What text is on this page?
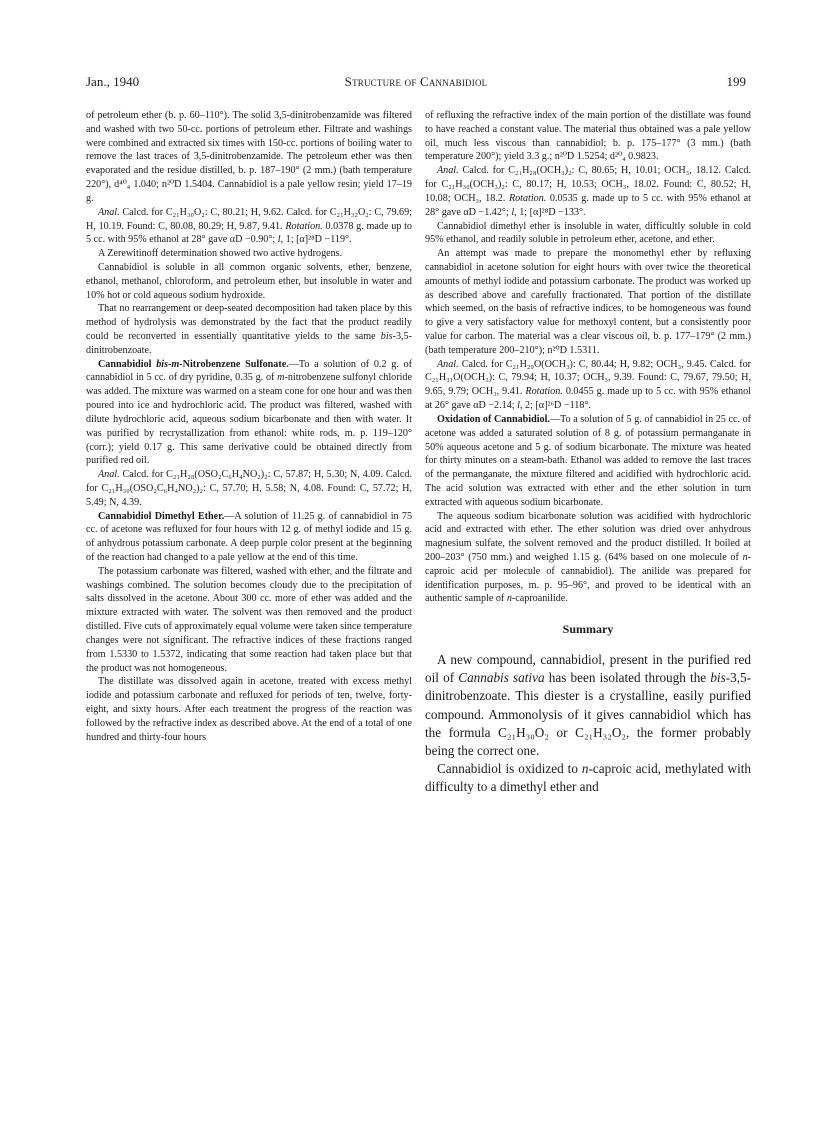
Jan., 1940	Structure of Cannabidiol	199

of petroleum ether (b. p. 60–110°). The solid 3,5-dinitrobenzamide was filtered and washed with two 50-cc. portions of petroleum ether. Filtrate and washings were combined and extracted six times with 150-cc. portions of boiling water to remove the last traces of 3,5-dinitrobenzamide. The petroleum ether was then evaporated and the residue distilled, b. p. 187–190° (2 mm.) (bath temperature 220°), d⁴⁰₄ 1.040; n²⁰D 1.5404. Cannabidiol is a pale yellow resin; yield 17–19 g.

Anal. Calcd. for C₂₁H₃₀O₂: C, 80.21; H, 9.62. Calcd. for C₂₁H₃₂O₂: C, 79.69; H, 10.19. Found: C, 80.08, 80.29; H, 9.87, 9.41. Rotation. 0.0378 g. made up to 5 cc. with 95% ethanol at 28° gave αD −0.90°; l, 1; [α]²⁸D −119°.

A Zerewitinoff determination showed two active hydrogens.

Cannabidiol is soluble in all common organic solvents, ether, benzene, ethanol, methanol, chloroform, and petroleum ether, but insoluble in water and 10% hot or cold aqueous sodium hydroxide.

That no rearrangement or deep-seated decomposition had taken place by this method of hydrolysis was demonstrated by the fact that the product readily could be reconverted in essentially quantitative yields to the same bis-3,5-dinitrobenzoate.

Cannabidiol bis-m-Nitrobenzene Sulfonate.—To a solution of 0.2 g. of cannabidiol in 5 cc. of dry pyridine, 0.35 g. of m-nitrobenzene sulfonyl chloride was added. The mixture was warmed on a steam cone for one hour and was then poured into ice and hydrochloric acid. The product was filtered, washed with dilute hydrochloric acid, aqueous sodium bicarbonate and then with water. It was purified by recrystallization from ethanol: white rods, m. p. 119–120° (corr.); yield 0.17 g. This same derivative could be obtained directly from purified red oil.

Anal. Calcd. for C₂₁H₂₈(OSO₂C₆H₄NO₂)₂: C, 57.87; H, 5.30; N, 4.09. Calcd. for C₂₁H₃₀(OSO₂C₆H₄NO₂)₂: C, 57.70; H, 5.58; N, 4.08. Found: C, 57.72; H, 5.49; N, 4.39.

Cannabidiol Dimethyl Ether.—A solution of 11.25 g. of cannabidiol in 75 cc. of acetone was refluxed for four hours with 12 g. of methyl iodide and 15 g. of anhydrous potassium carbonate. A deep purple color present at the beginning of the reaction had changed to a pale yellow at the end of this time.

The potassium carbonate was filtered, washed with ether, and the filtrate and washings combined. The solution becomes cloudy due to the precipitation of salts dissolved in the acetone. About 300 cc. more of ether was added and the mixture extracted with water. The solvent was then removed and the product distilled. Five cuts of approximately equal volume were taken since temperature changes were not significant. The refractive indices of these fractions ranged from 1.5330 to 1.5372, indicating that some reaction had taken place but that the product was not homogeneous.

The distillate was dissolved again in acetone, treated with excess methyl iodide and potassium carbonate and refluxed for periods of ten, twelve, forty-eight, and sixty hours. After each treatment the progress of the reaction was followed by the refractive index as described above. At the end of a total of one hundred and thirty-four hours

of refluxing the refractive index of the main portion of the distillate was found to have reached a constant value. The material thus obtained was a pale yellow oil, much less viscous than cannabidiol; b. p. 175–177° (3 mm.) (bath temperature 200°); yield 3.3 g.; n²⁰D 1.5254; d²⁰₄ 0.9823.

Anal. Calcd. for C₂₁H₂₈(OCH₃)₂: C, 80.65; H, 10.01; OCH₃, 18.12. Calcd. for C₂₁H₃₀(OCH₃)₂: C, 80.17; H, 10.53; OCH₃, 18.02. Found: C, 80.52; H, 10.08; OCH₃, 18.2. Rotation. 0.0535 g. made up to 5 cc. with 95% ethanol at 28° gave αD −1.42°; l, 1; [α]²⁸D −133°.

Cannabidiol dimethyl ether is insoluble in water, difficultly soluble in cold 95% ethanol, and readily soluble in petroleum ether, acetone, and ether.

An attempt was made to prepare the monomethyl ether by refluxing cannabidiol in acetone solution for eight hours with over twice the theoretical amounts of methyl iodide and potassium carbonate. The product was worked up as described above and carefully fractionated. That portion of the distillate which seemed, on the basis of refractive indices, to be homogeneous was found to give a very satisfactory value for methoxyl content, but a consistently poor value for carbon. The material was a clear viscous oil, b. p. 177–179° (2 mm.) (bath temperature 200–210°); n²⁰D 1.5311.

Anal. Calcd. for C₂₁H₂₉O(OCH₃): C, 80.44; H, 9.82; OCH₃, 9.45. Calcd. for C₂₁H₃₁O(OCH₃): C, 79.94; H, 10.37; OCH₃, 9.39. Found: C, 79.67, 79.50; H, 9.65, 9.79; OCH₃, 9.41. Rotation. 0.0455 g. made up to 5 cc. with 95% ethanol at 26° gave αD −2.14; l, 2; [α]²⁶D −118°.

Oxidation of Cannabidiol.—To a solution of 5 g. of cannabidiol in 25 cc. of acetone was added a saturated solution of 8 g. of potassium permanganate in 50% aqueous acetone and 5 g. of sodium bicarbonate. The mixture was heated for thirty minutes on a steam-bath. Ethanol was added to remove the last traces of the permanganate, the mixture filtered and acidified with hydrochloric acid. The acid solution was extracted with ether and the ether solution in turn extracted with aqueous sodium bicarbonate.

The aqueous sodium bicarbonate solution was acidified with hydrochloric acid and extracted with ether. The ether solution was dried over anhydrous magnesium sulfate, the solvent removed and the product distilled. It boiled at 200–203° (750 mm.) and weighed 1.15 g. (64% based on one molecule of n-caproic acid per molecule of cannabidiol). The anilide was prepared for identification purposes, m. p. 95–96°, and proved to be identical with an authentic sample of n-caproanilide.

Summary

A new compound, cannabidiol, present in the purified red oil of Cannabis sativa has been isolated through the bis-3,5-dinitrobenzoate. This diester is a crystalline, easily purified compound. Ammonolysis of it gives cannabidiol which has the formula C₂₁H₃₀O₂ or C₂₁H₃₂O₂, the former probably being the correct one.

Cannabidiol is oxidized to n-caproic acid, methylated with difficulty to a dimethyl ether and
